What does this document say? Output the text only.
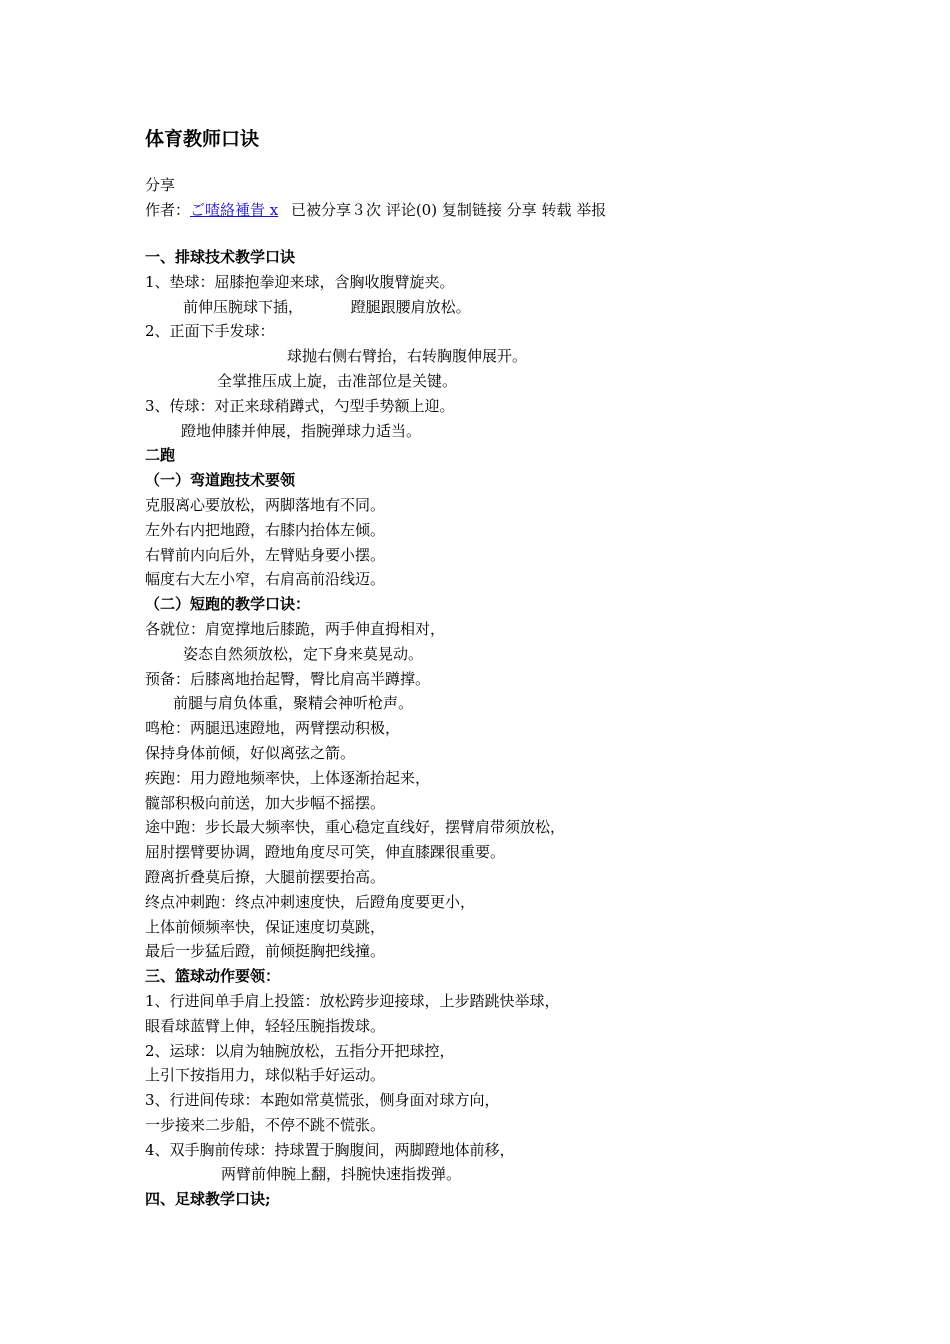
体育教师口诀
分享
作者：ご喳絡褈眚 x 已被分享３次 评论(0) 复制链接 分享 转载 举报
一、排球技术教学口诀
1、垫球：屈膝抱拳迎来球，含胸收腹臂旋夹。
前伸压腕球下插，          蹬腿跟腰肩放松。
2、正面下手发球：
球抛右侧右臂抬，右转胸腹伸展开。
全掌推压成上旋，击准部位是关键。
3、传球：对正来球稍蹲式，勺型手势额上迎。
蹬地伸膝并伸展，指腕弹球力适当。
二跑
（一）弯道跑技术要领
克服离心要放松，两脚落地有不同。
左外右内把地蹬，右膝内抬体左倾。
右臂前内向后外，左臂贴身要小摆。
幅度右大左小窄，右肩高前沿线迈。
（二）短跑的教学口诀：
各就位：肩宽撑地后膝跪，两手伸直拇相对，
姿态自然须放松，定下身来莫晃动。
预备：后膝离地抬起臀，臀比肩高半蹲撑。
前腿与肩负体重，聚精会神听枪声。
鸣枪：两腿迅速蹬地，两臂摆动积极，
保持身体前倾，好似离弦之箭。
疾跑：用力蹬地频率快，上体逐渐抬起来，
髋部积极向前送，加大步幅不摇摆。
途中跑：步长最大频率快，重心稳定直线好，摆臂肩带须放松，
屈肘摆臂要协调，蹬地角度尽可笑，伸直膝踝很重要。
蹬离折叠莫后撩，大腿前摆要抬高。
终点冲刺跑：终点冲刺速度快，后蹬角度要更小，
上体前倾频率快，保证速度切莫跳，
最后一步猛后蹬，前倾挺胸把线撞。
三、篮球动作要领：
1、行进间单手肩上投篮：放松跨步迎接球，上步踏跳快举球，
眼看球蓝臂上伸，轻轻压腕指拨球。
2、运球：以肩为轴腕放松，五指分开把球控，
上引下按指用力，球似粘手好运动。
3、行进间传球：本跑如常莫慌张，侧身面对球方向，
一步接来二步船，不停不跳不慌张。
4、双手胸前传球：持球置于胸腹间，两脚蹬地体前移，
两臂前伸腕上翻，抖腕快速指拨弹。
四、足球教学口诀;
